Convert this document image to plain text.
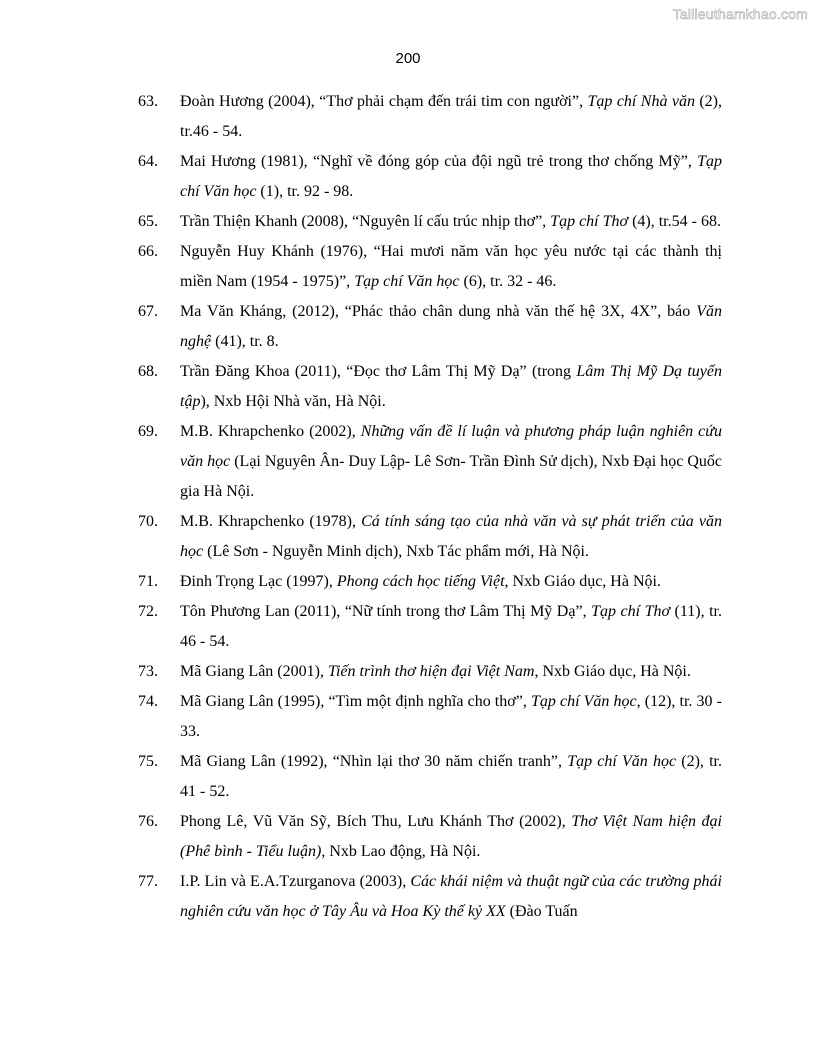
Tailieuthamkhao.com
200
63.	Đoàn Hương (2004), “Thơ phải chạm đến trái tim con người”, Tạp chí Nhà văn (2), tr.46 - 54.
64.	Mai Hương (1981), “Nghĩ về đóng góp của đội ngũ trẻ trong thơ chống Mỹ”, Tạp chí Văn học (1), tr. 92 - 98.
65.	Trần Thiện Khanh (2008), “Nguyên lí cấu trúc nhịp thơ”, Tạp chí Thơ (4), tr.54 - 68.
66.	Nguyễn Huy Khánh (1976), “Hai mươi năm văn học yêu nước tại các thành thị miền Nam (1954 - 1975)”, Tạp chí Văn học (6), tr. 32 - 46.
67.	Ma Văn Kháng, (2012), “Phác thảo chân dung nhà văn thế hệ 3X, 4X”, báo Văn nghệ (41), tr. 8.
68.	Trần Đăng Khoa (2011), “Đọc thơ Lâm Thị Mỹ Dạ” (trong Lâm Thị Mỹ Dạ tuyển tập), Nxb Hội Nhà văn, Hà Nội.
69.	M.B. Khrapchenko (2002), Những vấn đề lí luận và phương pháp luận nghiên cứu văn học (Lại Nguyên Ân- Duy Lập- Lê Sơn- Trần Đình Sử dịch), Nxb Đại học Quốc gia Hà Nội.
70.	M.B. Khrapchenko (1978), Cá tính sáng tạo của nhà văn và sự phát triển của văn học (Lê Sơn - Nguyễn Minh dịch), Nxb Tác phẩm mới, Hà Nội.
71.	Đinh Trọng Lạc (1997), Phong cách học tiếng Việt, Nxb Giáo dục, Hà Nội.
72.	Tôn Phương Lan (2011), “Nữ tính trong thơ Lâm Thị Mỹ Dạ”, Tạp chí Thơ (11), tr. 46 - 54.
73.	Mã Giang Lân (2001), Tiến trình thơ hiện đại Việt Nam, Nxb Giáo dục, Hà Nội.
74.	Mã Giang Lân (1995), “Tìm một định nghĩa cho thơ”, Tạp chí Văn học, (12), tr. 30 - 33.
75.	Mã Giang Lân (1992), “Nhìn lại thơ 30 năm chiến tranh”, Tạp chí Văn học (2), tr. 41 - 52.
76.	Phong Lê, Vũ Văn Sỹ, Bích Thu, Lưu Khánh Thơ (2002), Thơ Việt Nam hiện đại (Phê bình - Tiểu luận), Nxb Lao động, Hà Nội.
77.	I.P. Lin và E.A.Tzurganova (2003), Các khái niệm và thuật ngữ của các trường phái nghiên cứu văn học ở Tây Âu và Hoa Kỳ thế kỷ XX (Đào Tuấn
